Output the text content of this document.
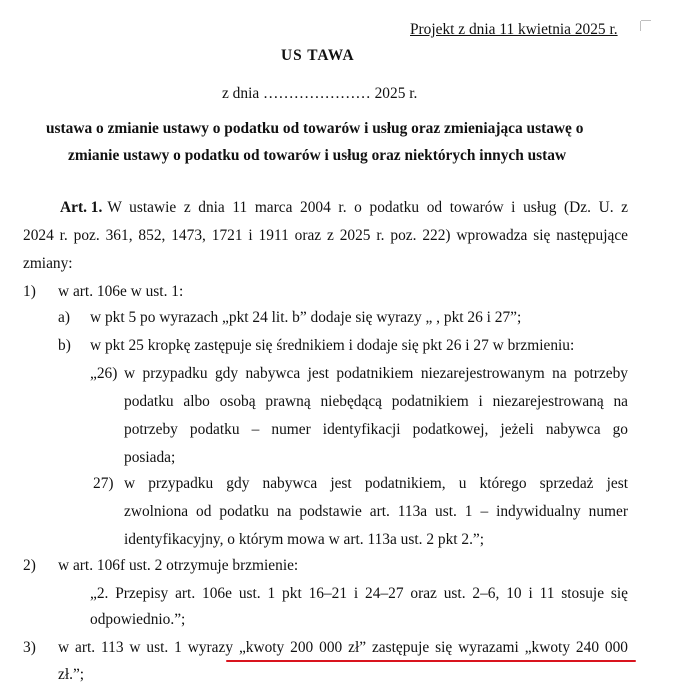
Projekt z dnia 11 kwietnia 2025 r.
US TAWA
z dnia ………………… 2025 r.
ustawa o zmianie ustawy o podatku od towarów i usług oraz zmieniająca ustawę o
zmianie ustawy o podatku od towarów i usług oraz niektórych innych ustaw
Art. 1. W ustawie z dnia 11 marca 2004 r. o podatku od towarów i usług (Dz. U. z
2024 r. poz. 361, 852, 1473, 1721 i 1911 oraz z 2025 r. poz. 222) wprowadza się następujące
zmiany:
1) w art. 106e w ust. 1:
a) w pkt 5 po wyrazach „pkt 24 lit. b” dodaje się wyrazy „ , pkt 26 i 27”;
b) w pkt 25 kropkę zastępuje się średnikiem i dodaje się pkt 26 i 27 w brzmieniu:
„26) w przypadku gdy nabywca jest podatnikiem niezarejestrowanym na potrzeby
podatku albo osobą prawną niebędącą podatnikiem i niezarejestrowaną na
potrzeby podatku – numer identyfikacji podatkowej, jeżeli nabywca go
posiada;
27) w przypadku gdy nabywca jest podatnikiem, u którego sprzedaż jest
zwolniona od podatku na podstawie art. 113a ust. 1 – indywidualny numer
identyfikacyjny, o którym mowa w art. 113a ust. 2 pkt 2.”;
2) w art. 106f ust. 2 otrzymuje brzmienie:
„2. Przepisy art. 106e ust. 1 pkt 16–21 i 24–27 oraz ust. 2–6, 10 i 11 stosuje się
odpowiednio.”;
3) w art. 113 w ust. 1 wyrazy „kwoty 200 000 zł” zastępuje się wyrazami „kwoty 240 000
zł.”;
